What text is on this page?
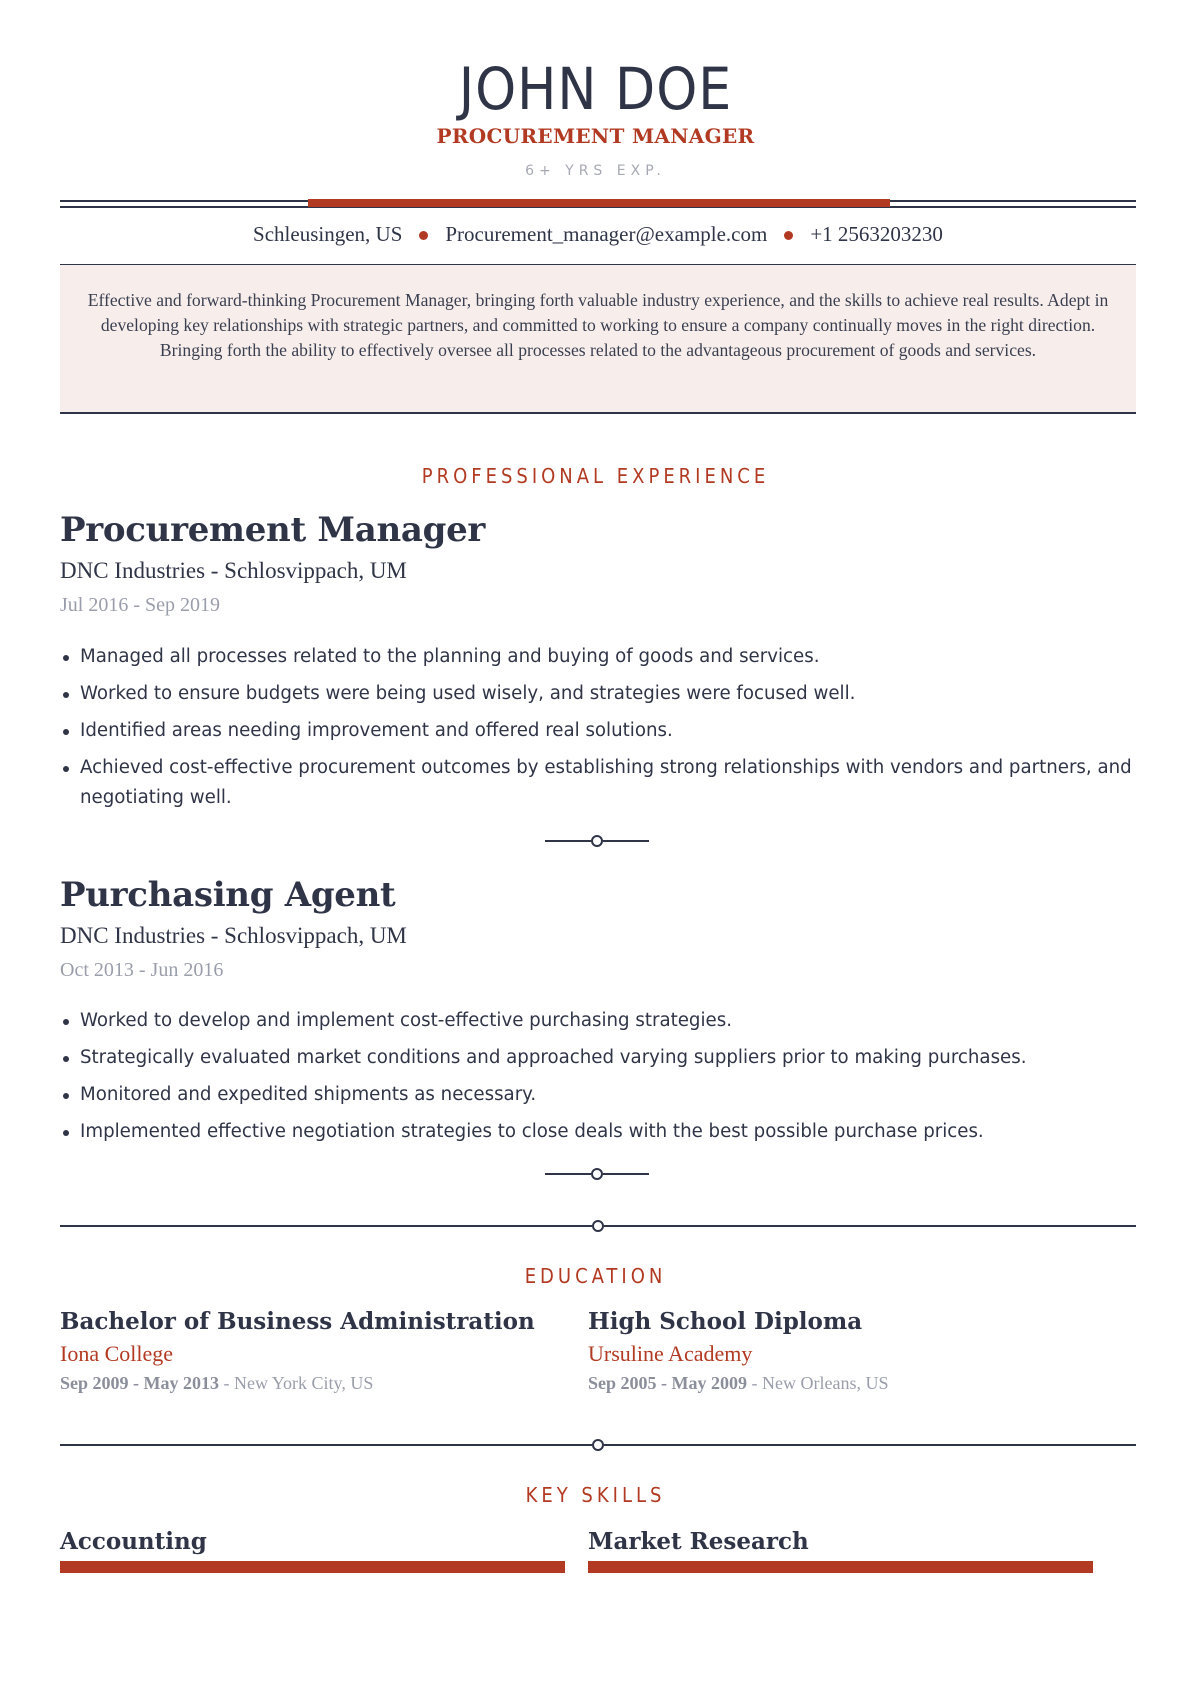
JOHN DOE
PROCUREMENT MANAGER
6+ YRS EXP.
Schleusingen, US Procurement_manager@example.com +1 2563203230
Effective and forward-thinking Procurement Manager, bringing forth valuable industry experience, and the skills to achieve real results. Adept in developing key relationships with strategic partners, and committed to working to ensure a company continually moves in the right direction. Bringing forth the ability to effectively oversee all processes related to the advantageous procurement of goods and services.
PROFESSIONAL EXPERIENCE
Procurement Manager
DNC Industries - Schlosvippach, UM
Jul 2016 - Sep 2019
Managed all processes related to the planning and buying of goods and services.
Worked to ensure budgets were being used wisely, and strategies were focused well.
Identified areas needing improvement and offered real solutions.
Achieved cost-effective procurement outcomes by establishing strong relationships with vendors and partners, and negotiating well.
Purchasing Agent
DNC Industries - Schlosvippach, UM
Oct 2013 - Jun 2016
Worked to develop and implement cost-effective purchasing strategies.
Strategically evaluated market conditions and approached varying suppliers prior to making purchases.
Monitored and expedited shipments as necessary.
Implemented effective negotiation strategies to close deals with the best possible purchase prices.
EDUCATION
Bachelor of Business Administration
Iona College
Sep 2009 - May 2013 - New York City, US
High School Diploma
Ursuline Academy
Sep 2005 - May 2009 - New Orleans, US
KEY SKILLS
Accounting	Market Research
